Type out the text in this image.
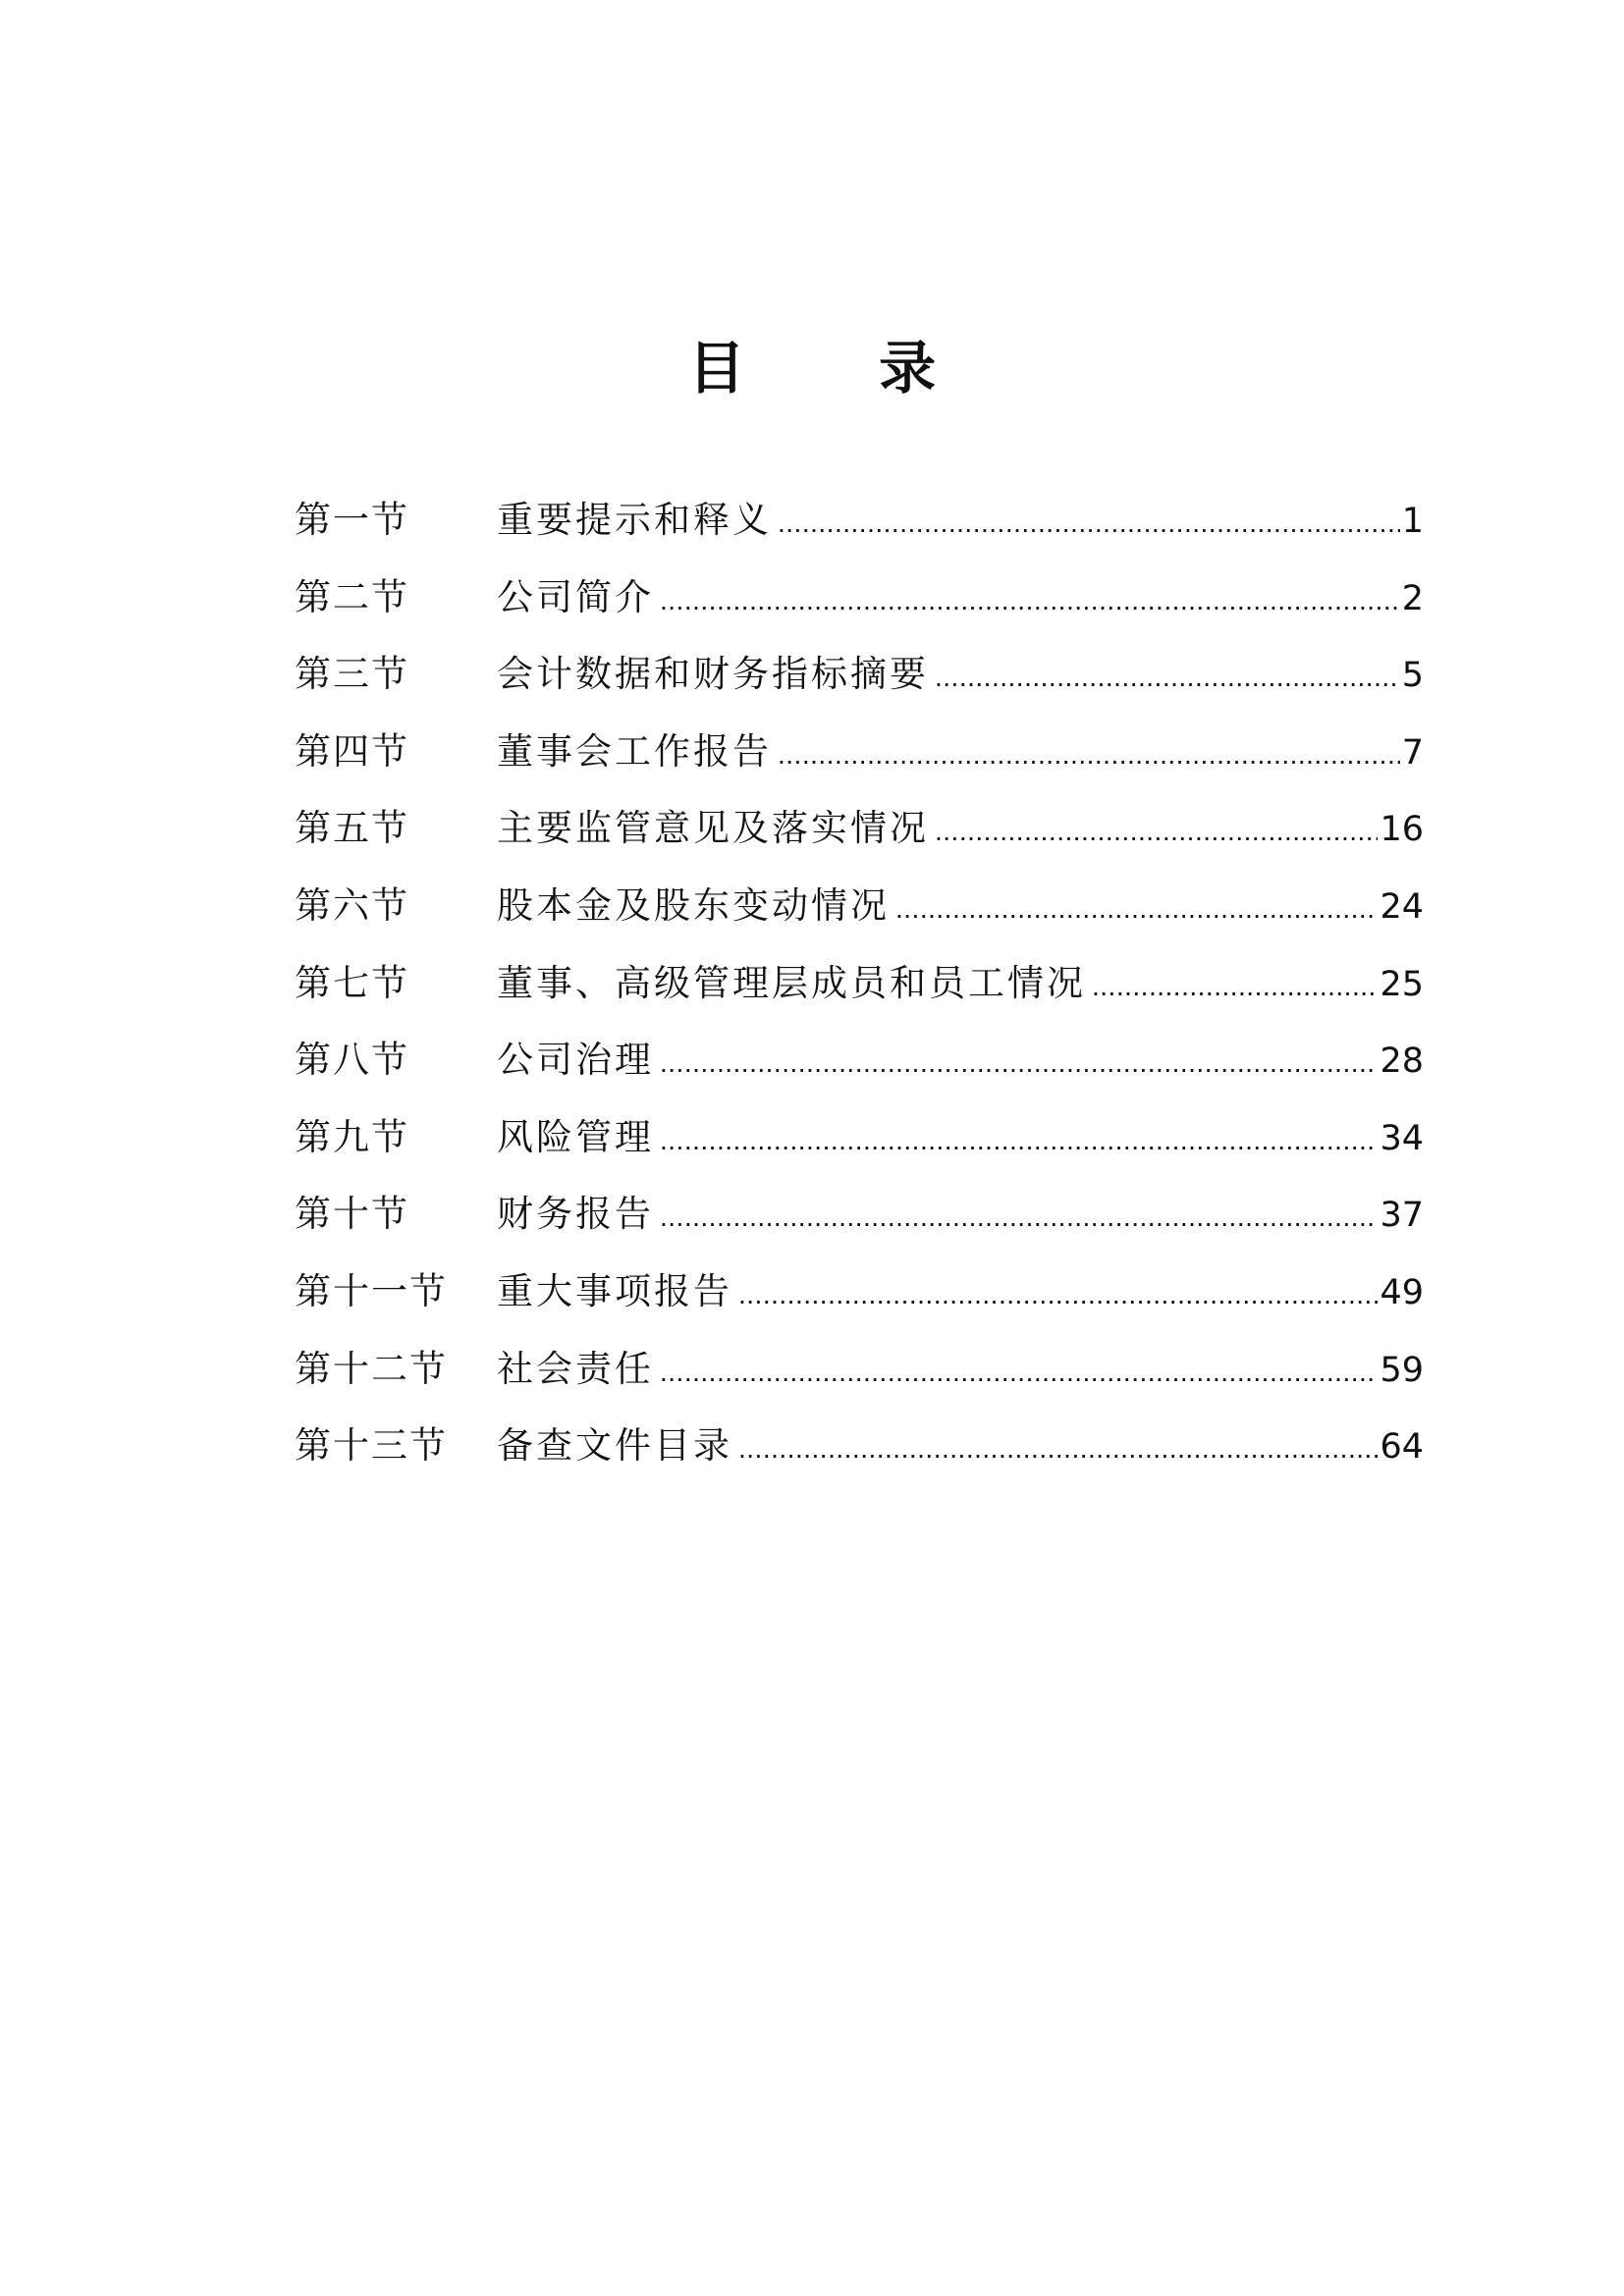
目 录
第一节	重要提示和释义 .....	1
第二节	公司简介 .....	2
第三节	会计数据和财务指标摘要 .....	5
第四节	董事会工作报告 .....	7
第五节	主要监管意见及落实情况 .....	16
第六节	股本金及股东变动情况 .....	24
第七节	董事、高级管理层成员和员工情况 .....	25
第八节	公司治理 .....	28
第九节	风险管理 .....	34
第十节	财务报告 .....	37
第十一节	重大事项报告 .....	49
第十二节	社会责任 .....	59
第十三节	备查文件目录 .....	64
